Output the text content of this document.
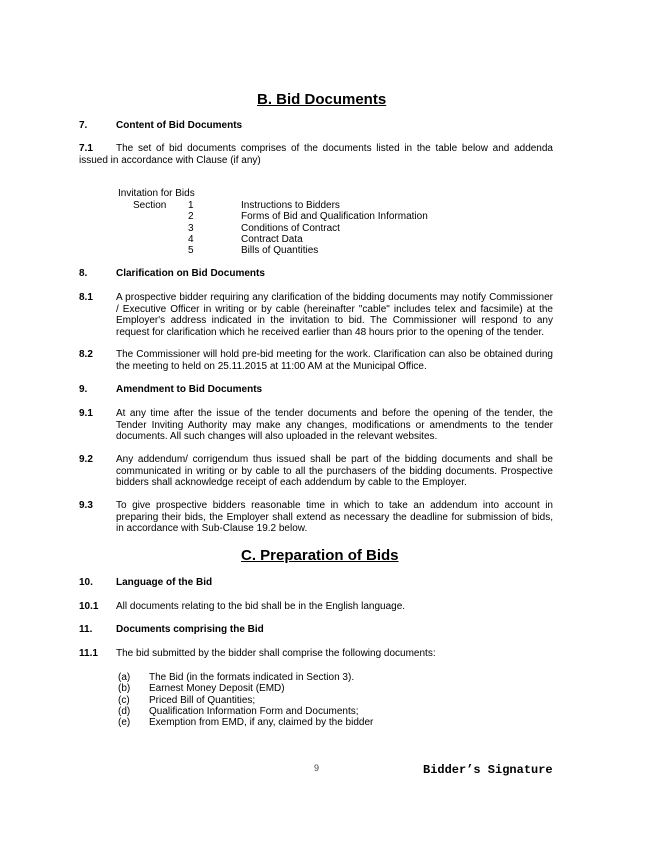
B. Bid Documents
7.	Content of Bid Documents
7.1	The set of bid documents comprises of the documents listed in the table below and addenda issued in accordance with Clause (if any)
Invitation for Bids
Section 1	Instructions to Bidders
2	Forms of Bid and Qualification Information
3	Conditions of Contract
4	Contract Data
5	Bills of Quantities
8.	Clarification on Bid Documents
8.1 A prospective bidder requiring any clarification of the bidding documents may notify Commissioner / Executive Officer in writing or by cable (hereinafter "cable" includes telex and facsimile) at the Employer's address indicated in the invitation to bid. The Commissioner will respond to any request for clarification which he received earlier than 48 hours prior to the opening of the tender.
8.2 The Commissioner will hold pre-bid meeting for the work. Clarification can also be obtained during the meeting to held on 25.11.2015 at 11:00 AM at the Municipal Office.
9.	Amendment to Bid Documents
9.1 At any time after the issue of the tender documents and before the opening of the tender, the Tender Inviting Authority may make any changes, modifications or amendments to the tender documents. All such changes will also uploaded in the relevant websites.
9.2 Any addendum/ corrigendum thus issued shall be part of the bidding documents and shall be communicated in writing or by cable to all the purchasers of the bidding documents. Prospective bidders shall acknowledge receipt of each addendum by cable to the Employer.
9.3 To give prospective bidders reasonable time in which to take an addendum into account in preparing their bids, the Employer shall extend as necessary the deadline for submission of bids, in accordance with Sub-Clause 19.2 below.
C. Preparation of Bids
10. Language of the Bid
10.1 All documents relating to the bid shall be in the English language.
11. Documents comprising the Bid
11.1 The bid submitted by the bidder shall comprise the following documents:
(a) The Bid (in the formats indicated in Section 3).
(b) Earnest Money Deposit (EMD)
(c) Priced Bill of Quantities;
(d) Qualification Information Form and Documents;
(e) Exemption from EMD, if any, claimed by the bidder
9	Bidder’s Signature
